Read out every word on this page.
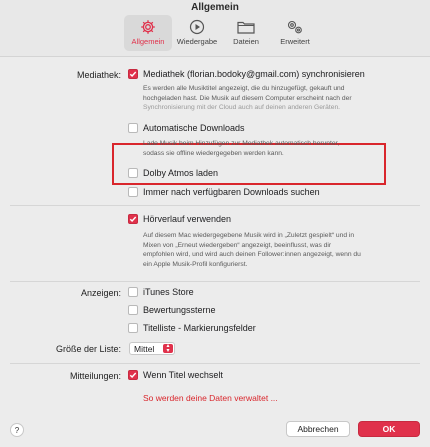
Allgemein
Allgemein Wiedergabe Dateien	Erweitert
Mediathek: Mediathek (florian.bodoky@gmail.com) synchronisieren
Es werden alle Musiktitel angezeigt, die du hinzugefügt, gekauft und
hochgeladen hast. Die Musik auf diesem Computer erscheint nach der
Synchronisierung mit der Cloud auch auf deinen anderen Geräten.
Automatische Downloads
Lade Musik beim Hinzufügen zur Mediathek automatisch herunter,
sodass sie offline wiedergegeben werden kann.
Dolby Atmos laden
Immer nach verfügbaren Downloads suchen
Hörverlauf verwenden
Auf diesem Mac wiedergegebene Musik wird in „Zuletzt gespielt“ und in
Mixen von „Erneut wiedergeben“ angezeigt, beeinflusst, was dir
empfohlen wird, und wird auch deinen Follower:innen angezeigt, wenn du
ein Apple Musik-Profil konfigurierst.
Anzeigen: iTunes Store
Bewertungssterne
Titelliste - Markierungsfelder
Größe der Liste: Mittel	▴
▾
Mitteilungen: Wenn Titel wechselt
So werden deine Daten verwaltet ...
?	Abbrechen	OK
